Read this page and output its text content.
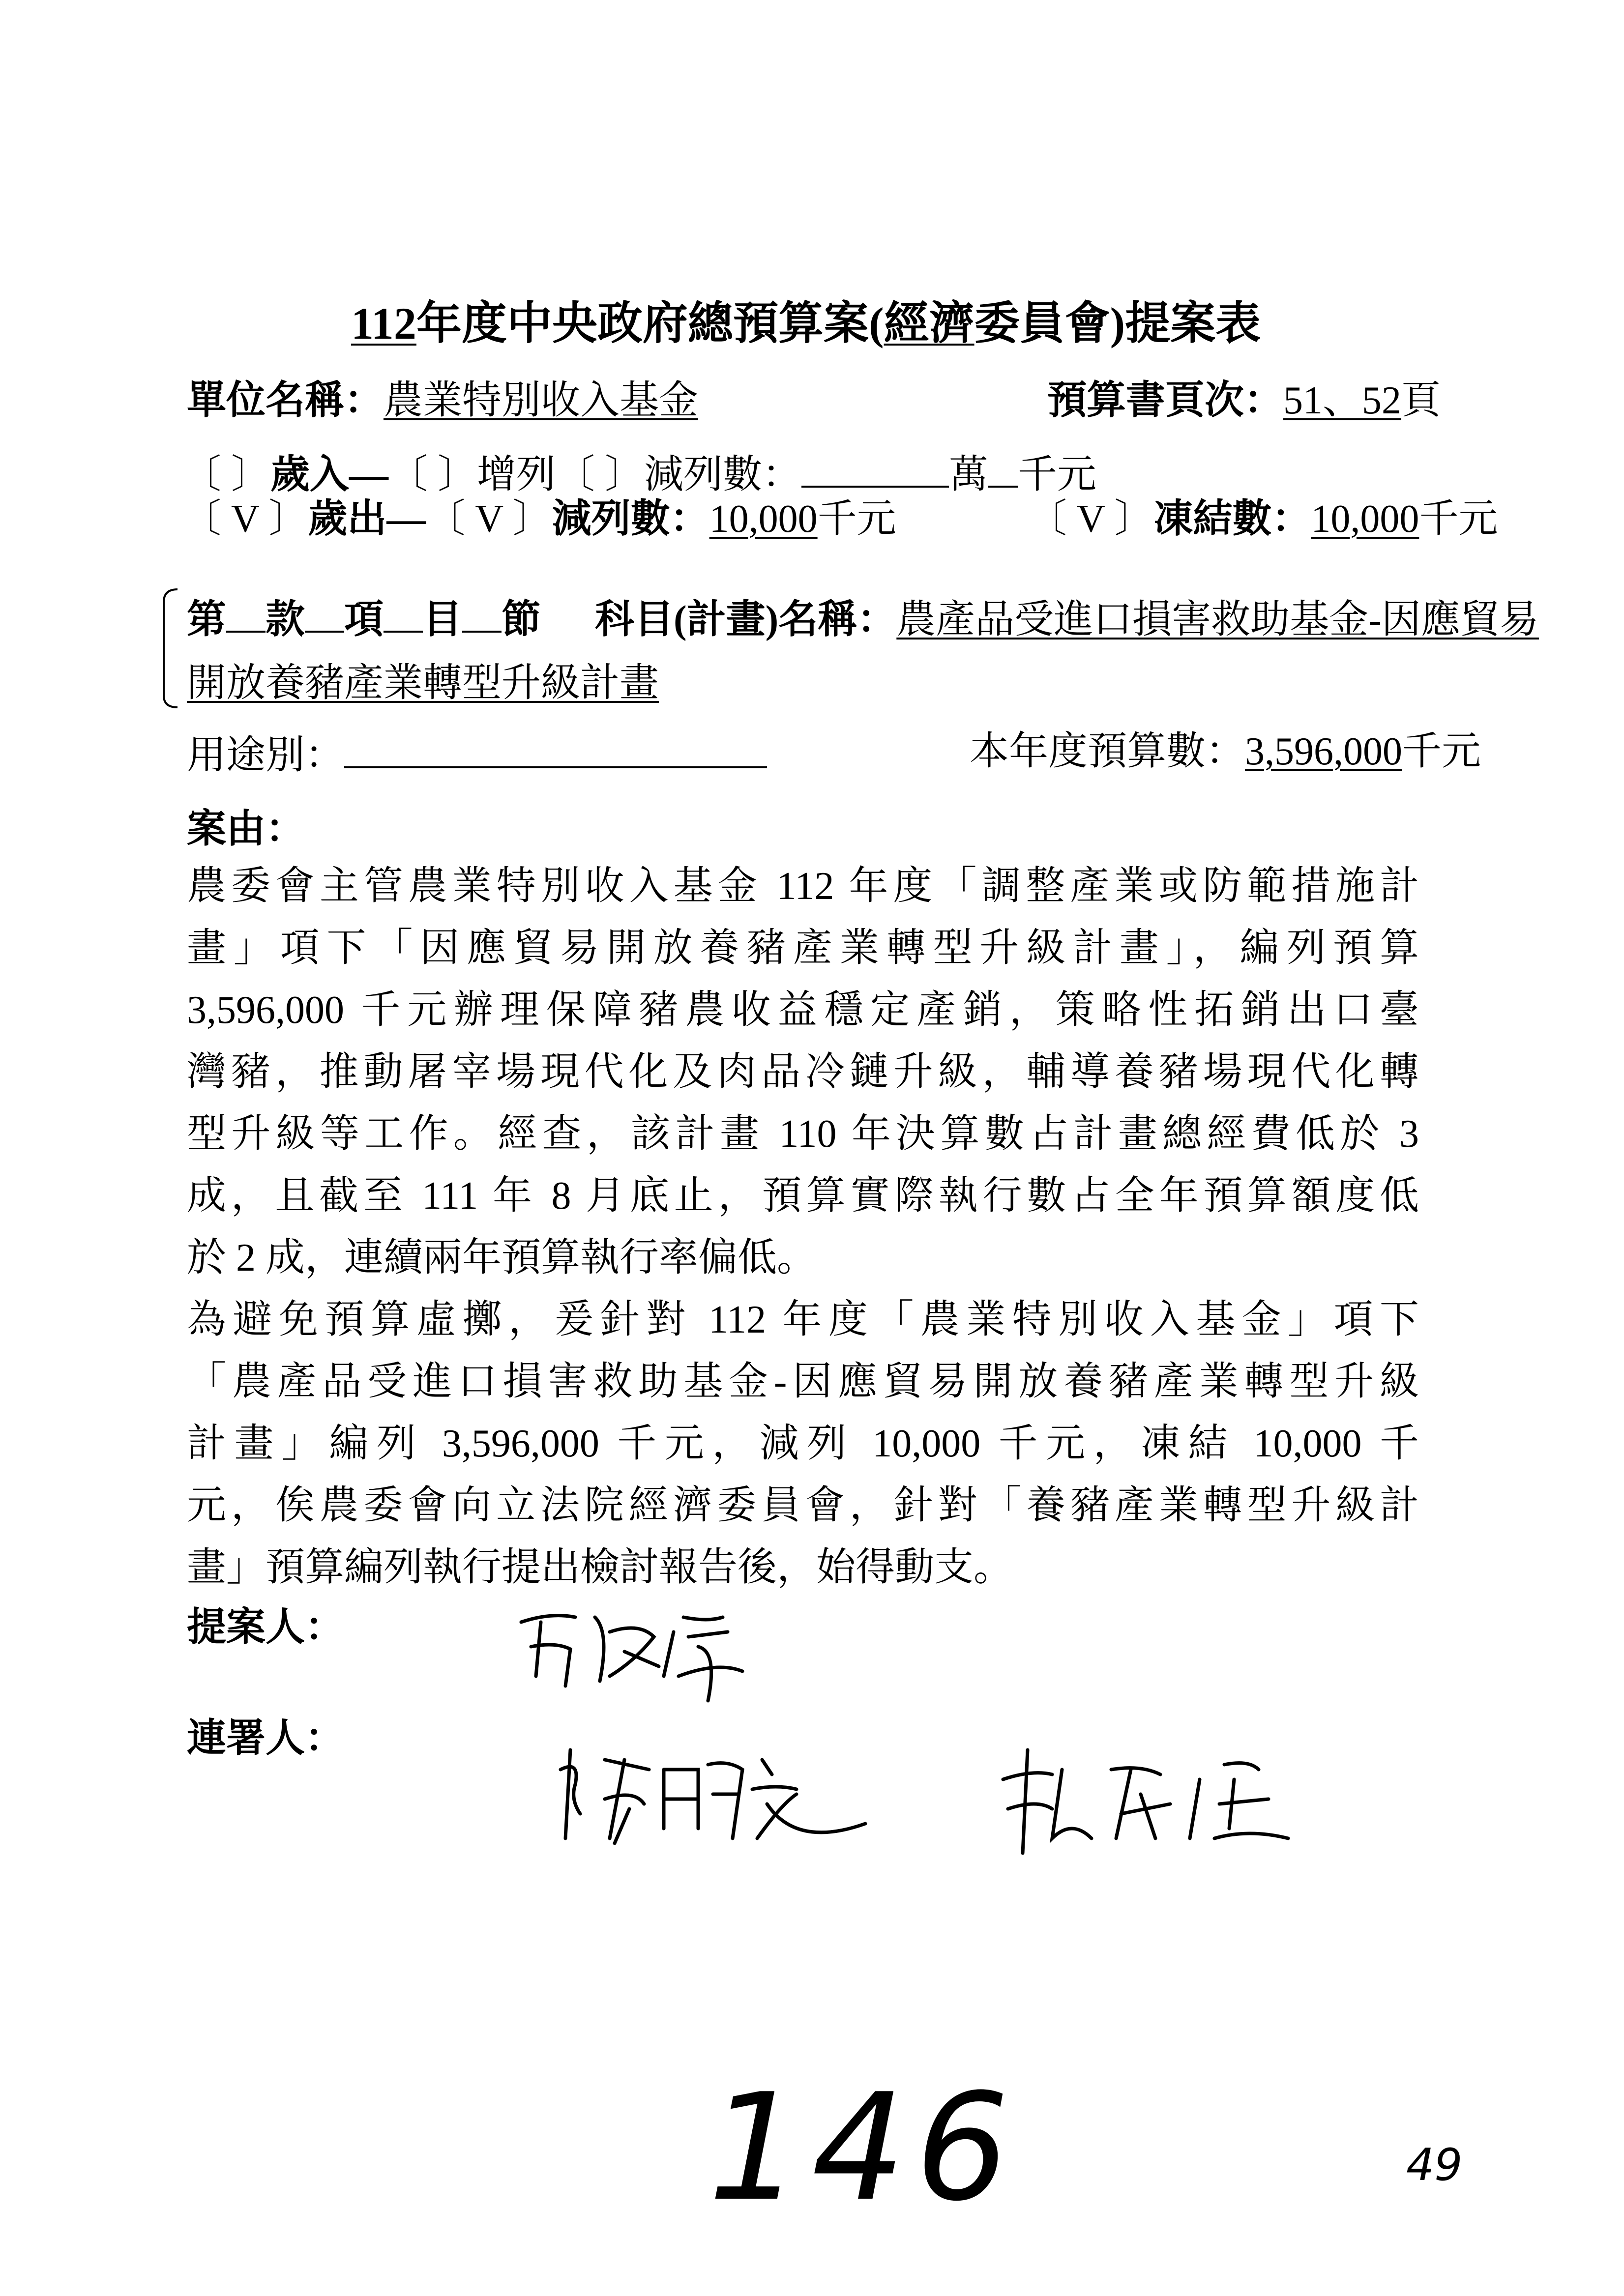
112年度中央政府總預算案(經濟委員會)提案表
單位名稱：農業特別收入基金	預算書頁次：51、52頁
〔 〕歲入—〔 〕增列〔 〕減列數：	萬 千元
〔 V 〕歲出—〔 V 〕減列數：10,000千元	〔 V 〕凍結數：10,000千元
第 款 項 目 節 科目(計畫)名稱：農產品受進口損害救助基金-因應貿易
開放養豬產業轉型升級計畫
用途別：	本年度預算數：3,596,000千元
案由：
農委會主管農業特別收入基金 112 年度「調整產業或防範措施計
畫」項下「因應貿易開放養豬產業轉型升級計畫」，編列預算
3,596,000 千元辦理保障豬農收益穩定產銷，策略性拓銷出口臺
灣豬，推動屠宰場現代化及肉品冷鏈升級，輔導養豬場現代化轉
型升級等工作。經查，該計畫 110 年決算數占計畫總經費低於 3
成，且截至 111 年 8 月底止，預算實際執行數占全年預算額度低
於 2 成，連續兩年預算執行率偏低。
為避免預算虛擲，爰針對 112 年度「農業特別收入基金」項下
「農產品受進口損害救助基金-因應貿易開放養豬產業轉型升級
計畫」編列 3,596,000 千元，減列 10,000 千元，凍結 10,000 千
元，俟農委會向立法院經濟委員會，針對「養豬產業轉型升級計
畫」預算編列執行提出檢討報告後，始得動支。
提案人：
連署人：
146	49
